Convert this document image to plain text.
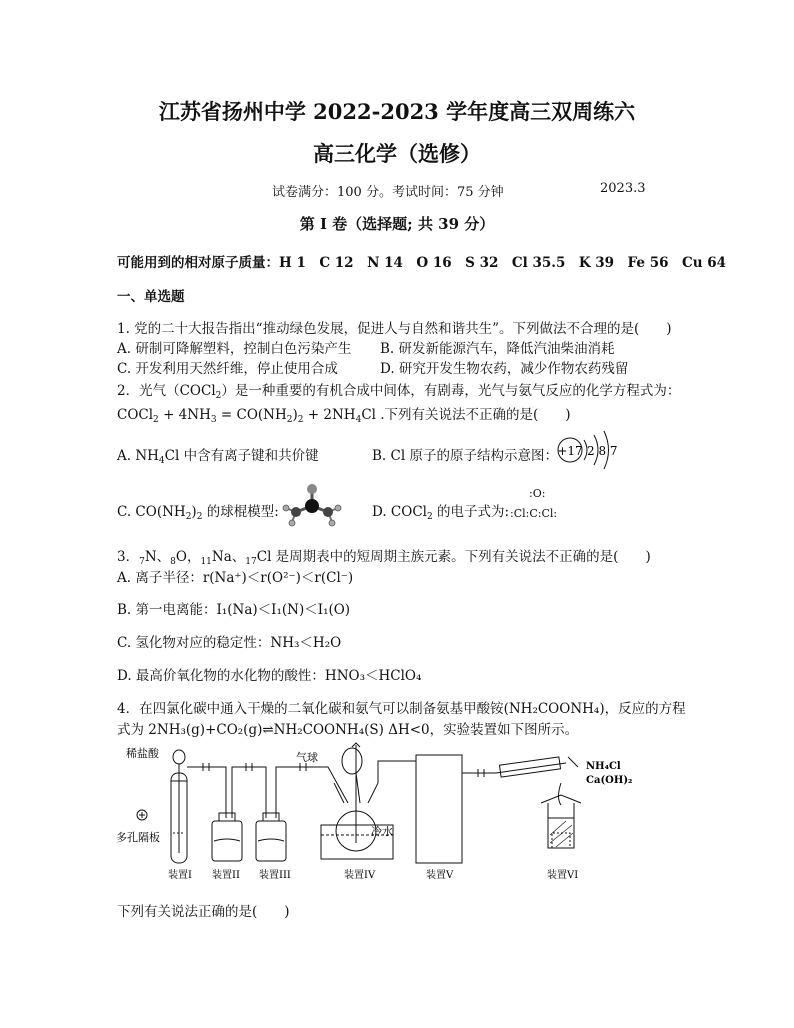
江苏省扬州中学 2022-2023 学年度高三双周练六
高三化学（选修）
试卷满分：100 分。考试时间：75 分钟	2023.3
第 I 卷（选择题; 共 39 分）
可能用到的相对原子质量：H 1　C 12　N 14　O 16　S 32　Cl 35.5　K 39　Fe 56　Cu 64
一、单选题
1. 党的二十大报告指出“推动绿色发展，促进人与自然和谐共生”。下列做法不合理的是(　　)
A. 研制可降解塑料，控制白色污染产生 B. 研发新能源汽车，降低汽油柴油消耗
C. 开发利用天然纤维，停止使用合成	D. 研究开发生物农药，减少作物农药残留
2．光气（COCl$_2$）是一种重要的有机合成中间体，有剧毒，光气与氨气反应的化学方程式为：
COCl$_2$ + $4NH_3 = CO(NH_2)_2 + 2NH_4Cl$ .下列有关说法不正确的是(　　)
A. $NH_4Cl$ 中含有离子键和共价键	B. Cl 原子的原子结构示意图： +17 2 8 7
C. $CO(NH_2)_2$ 的球棍模型:	D. COCl$_2$ 的电子式为:
:O:
:Cl:C:Cl:
3．$_7$N、$_8$O，$_{11}$Na、$_{17}$Cl 是周期表中的短周期主族元素。下列有关说法不正确的是(　　)
A. 离子半径：r(Na⁺)＜r(O²⁻)＜r(Cl⁻)
B. 第一电离能：I₁(Na)＜I₁(N)＜I₁(O)
C. 氢化物对应的稳定性：NH₃＜H₂O
D. 最高价氧化物的水化物的酸性：HNO₃＜HClO₄
4．在四氯化碳中通入干燥的二氧化碳和氨气可以制备氨基甲酸铵(NH₂COONH₄)，反应的方程
式为 2NH₃(g)+CO₂(g)⇌NH₂COONH₄(S) ΔH<0，实验装置如下图所示。
稀盐酸
多孔隔板
气球
冷水
NH₄Cl
Ca(OH)₂
装置I 装置II 装置III	装置IV	装置V	装置VI
下列有关说法正确的是(　　)
